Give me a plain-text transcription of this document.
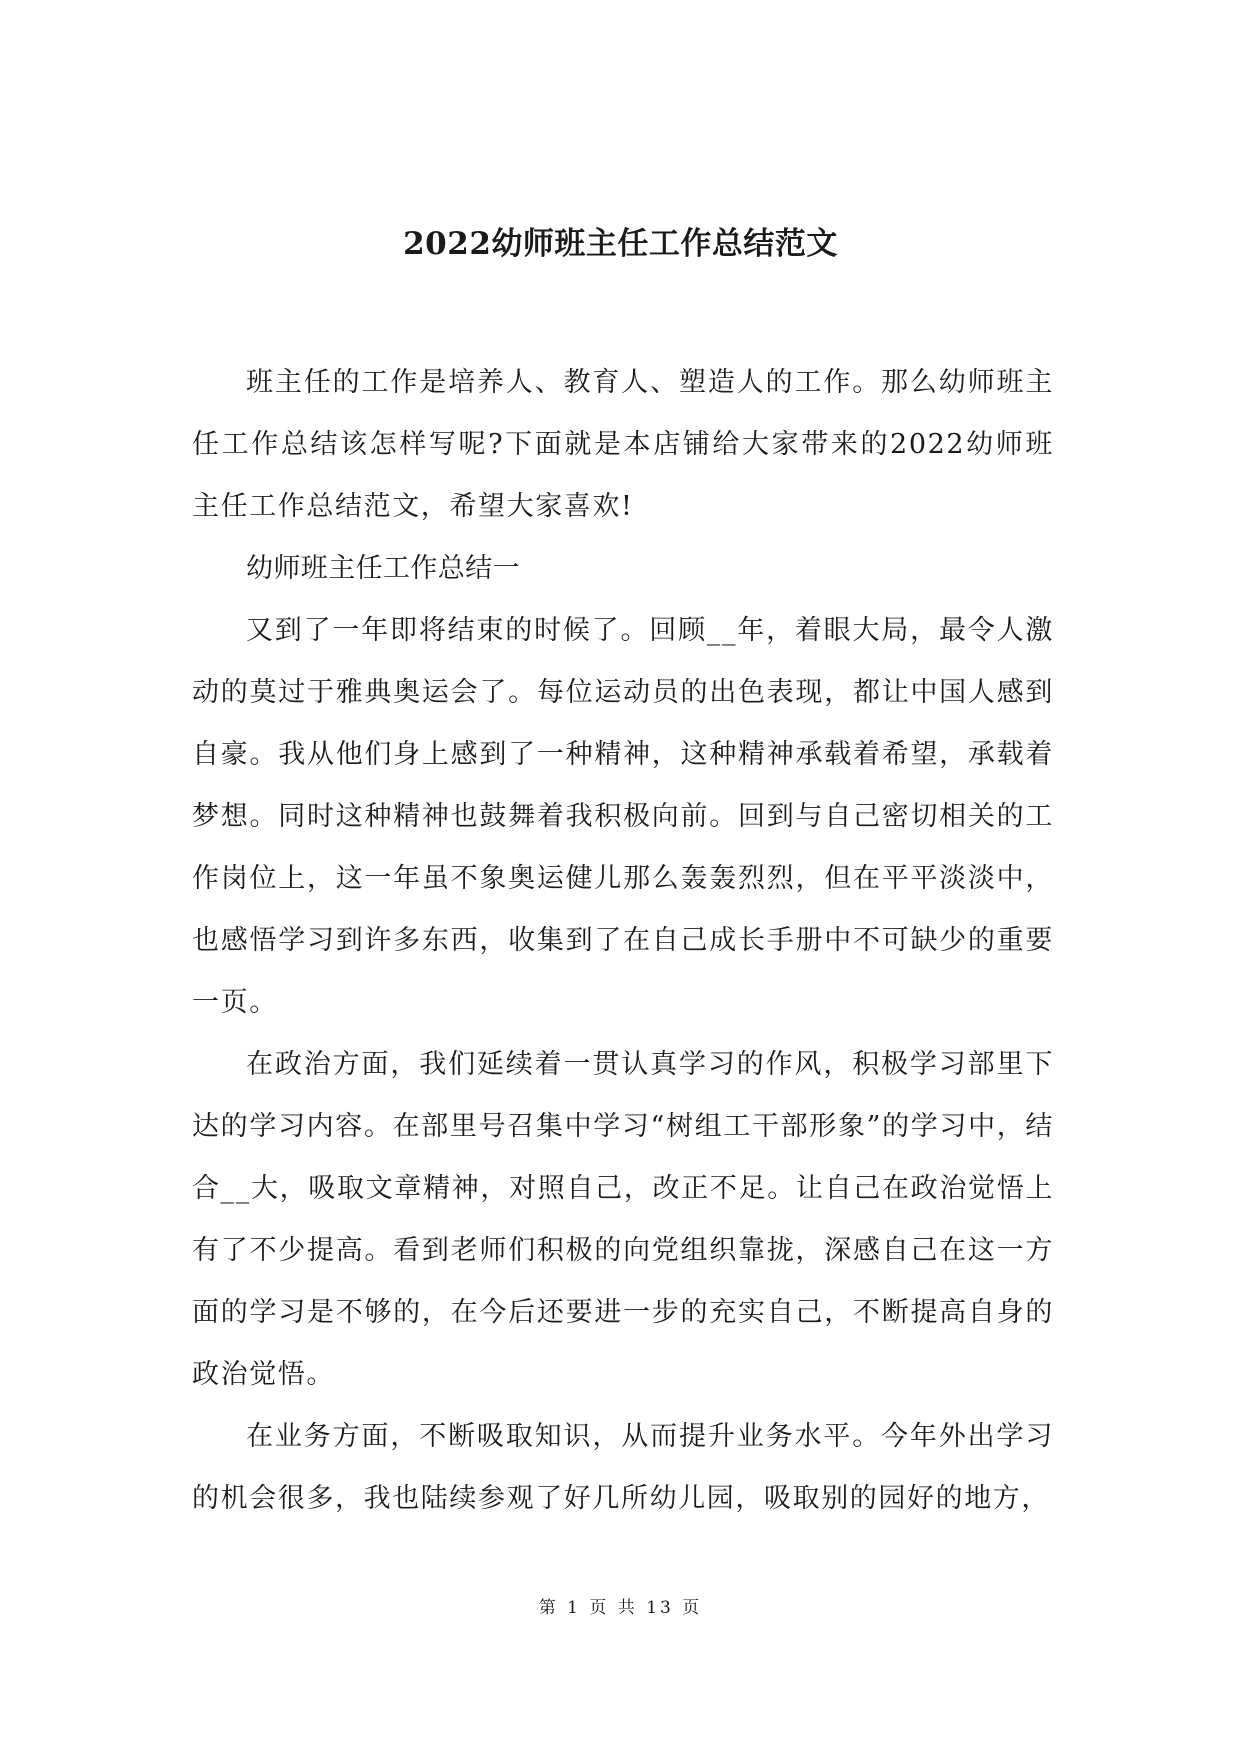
2022幼师班主任工作总结范文

班主任的工作是培养人、教育人、塑造人的工作。那么幼师班主任工作总结该怎样写呢?下面就是本店铺给大家带来的2022幼师班主任工作总结范文，希望大家喜欢!

幼师班主任工作总结一

又到了一年即将结束的时候了。回顾__年，着眼大局，最令人激动的莫过于雅典奥运会了。每位运动员的出色表现，都让中国人感到自豪。我从他们身上感到了一种精神，这种精神承载着希望，承载着梦想。同时这种精神也鼓舞着我积极向前。回到与自己密切相关的工作岗位上，这一年虽不象奥运健儿那么轰轰烈烈，但在平平淡淡中，也感悟学习到许多东西，收集到了在自己成长手册中不可缺少的重要一页。

在政治方面，我们延续着一贯认真学习的作风，积极学习部里下达的学习内容。在部里号召集中学习“树组工干部形象”的学习中，结合__大，吸取文章精神，对照自己，改正不足。让自己在政治觉悟上有了不少提高。看到老师们积极的向党组织靠拢，深感自己在这一方面的学习是不够的，在今后还要进一步的充实自己，不断提高自身的政治觉悟。

在业务方面，不断吸取知识，从而提升业务水平。今年外出学习的机会很多，我也陆续参观了好几所幼儿园，吸取别的园好的地方，

第 1 页 共 13 页
